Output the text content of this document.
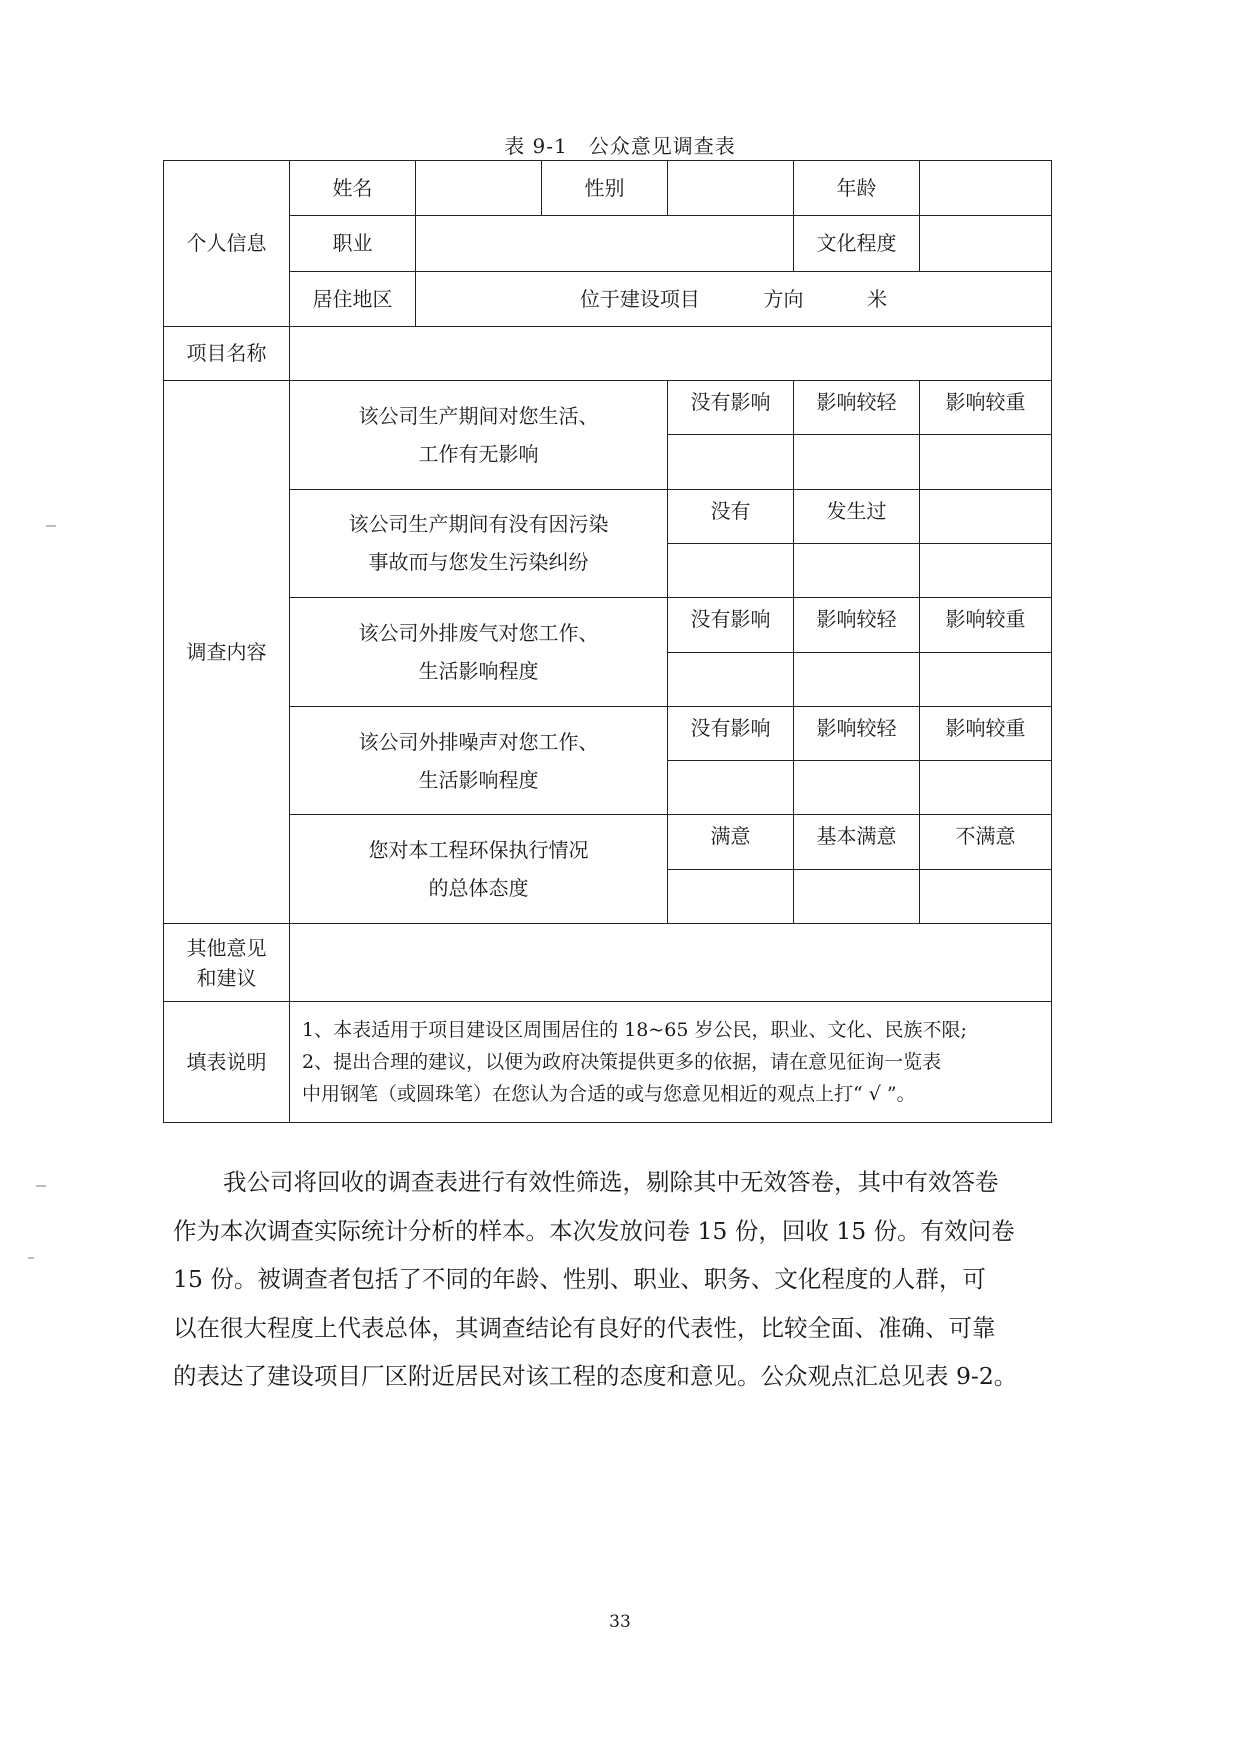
表 9-1　公众意见调查表
个人信息	姓名		性别		年龄	
	职业				文化程度	
	居住地区	位于建设项目          方向          米				
项目名称						
调查内容	该公司生产期间对您生活、
工作有无影响			没有影响	影响较轻	影响较重

	该公司生产期间有没有因污染
事故而与您发生污染纠纷			没有	发生过	

	该公司外排废气对您工作、
生活影响程度			没有影响	影响较轻	影响较重

	该公司外排噪声对您工作、
生活影响程度			没有影响	影响较轻	影响较重

	您对本工程环保执行情况
的总体态度			满意	基本满意	不满意

其他意见
和建议						

填表说明	1、本表适用于项目建设区周围居住的 18~65 岁公民，职业、文化、民族不限;
2、提出合理的建议，以便为政府决策提供更多的依据，请在意见征询一览表
中用钢笔（或圆珠笔）在您认为合适的或与您意见相近的观点上打“ √ ”。					
我公司将回收的调查表进行有效性筛选，剔除其中无效答卷，其中有效答卷
作为本次调查实际统计分析的样本。本次发放问卷 15 份，回收 15 份。有效问卷
15 份。被调查者包括了不同的年龄、性别、职业、职务、文化程度的人群，可
以在很大程度上代表总体，其调查结论有良好的代表性，比较全面、准确、可靠
的表达了建设项目厂区附近居民对该工程的态度和意见。公众观点汇总见表 9-2。
33
